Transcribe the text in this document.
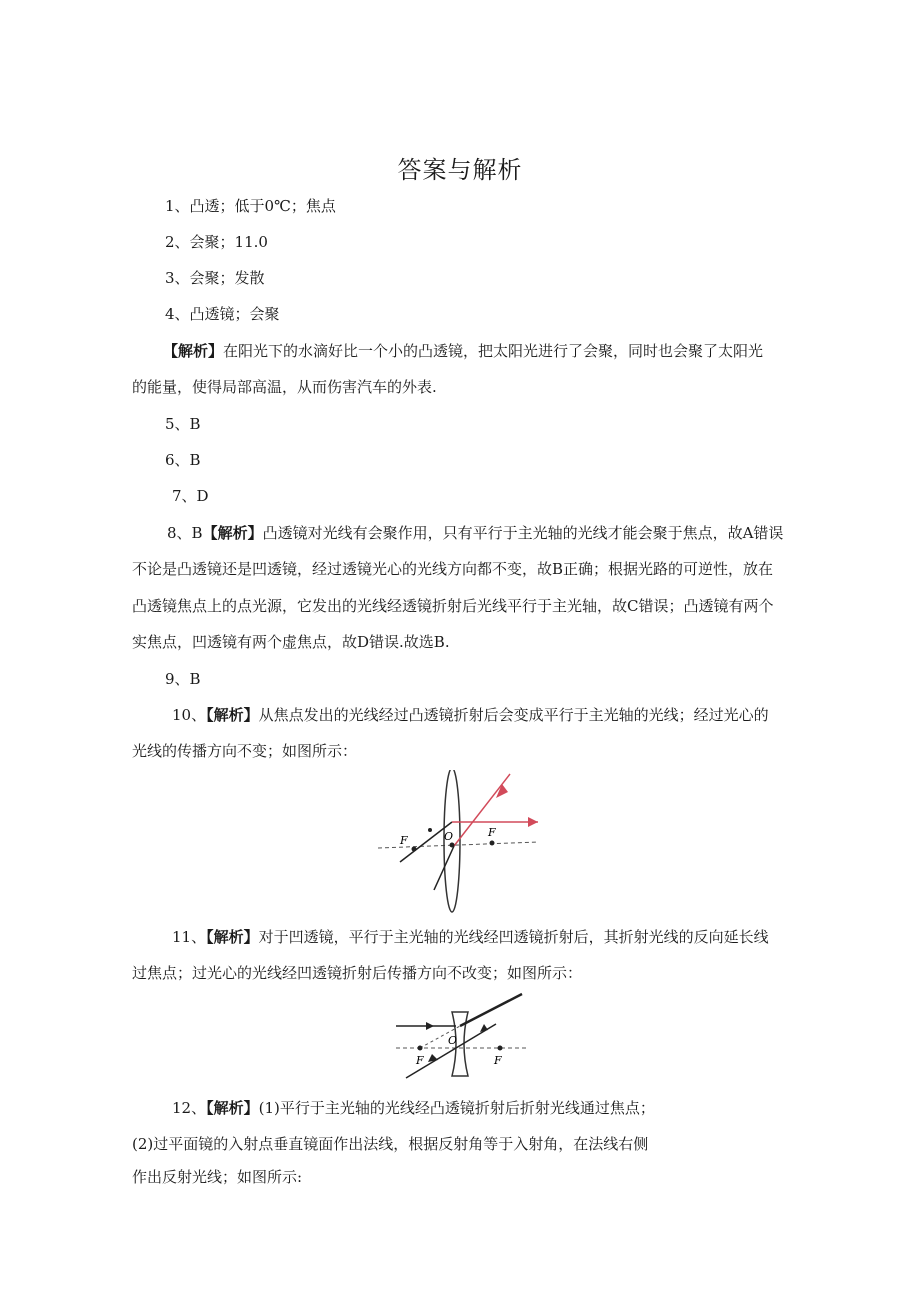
答案与解析
1、凸透；低于0℃；焦点
2、会聚；11.0
3、会聚；发散
4、凸透镜；会聚
【解析】在阳光下的水滴好比一个小的凸透镜，把太阳光进行了会聚，同时也会聚了太阳光
的能量，使得局部高温，从而伤害汽车的外表.
5、B
6、B
7、D
8、B【解析】凸透镜对光线有会聚作用，只有平行于主光轴的光线才能会聚于焦点，故A错误
不论是凸透镜还是凹透镜，经过透镜光心的光线方向都不变，故B正确；根据光路的可逆性，放在
凸透镜焦点上的点光源，它发出的光线经透镜折射后光线平行于主光轴，故C错误；凸透镜有两个
实焦点，凹透镜有两个虚焦点，故D错误.故选B.
9、B
10、【解析】从焦点发出的光线经过凸透镜折射后会变成平行于主光轴的光线；经过光心的
光线的传播方向不变；如图所示：
F	O	F
11、【解析】对于凹透镜，平行于主光轴的光线经凹透镜折射后，其折射光线的反向延长线
过焦点；过光心的光线经凹透镜折射后传播方向不改变；如图所示：
F
O
F
12、【解析】(1)平行于主光轴的光线经凸透镜折射后折射光线通过焦点；
(2)过平面镜的入射点垂直镜面作出法线，根据反射角等于入射角，在法线右侧
作出反射光线；如图所示:
